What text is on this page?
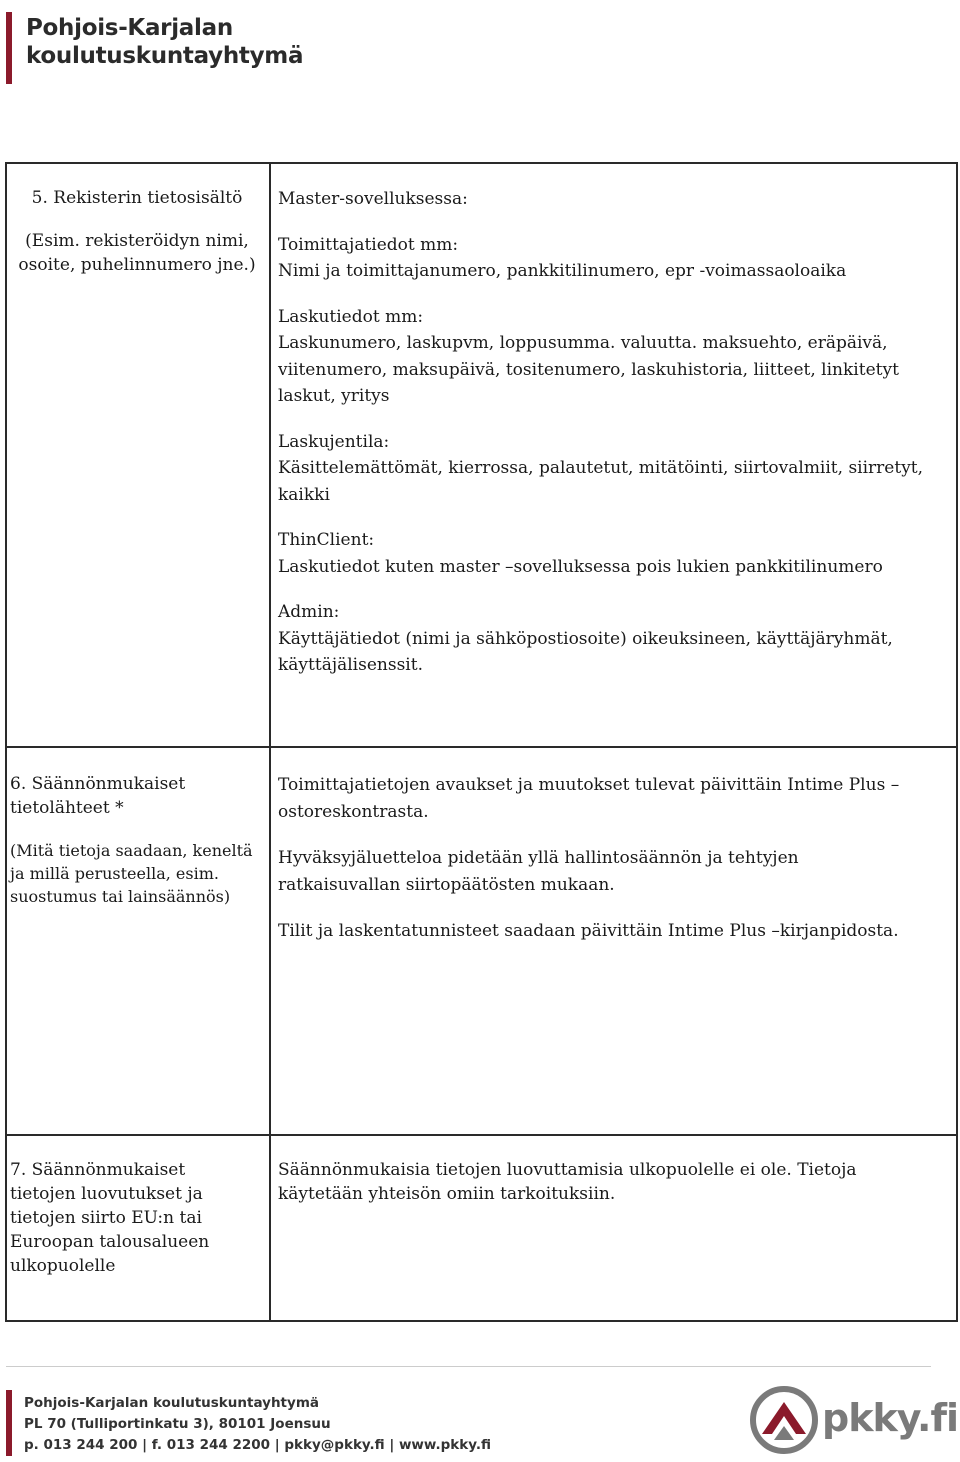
Pohjois-Karjalan
koulutuskuntayhtymä
5. Rekisterin tietosisältö
(Esim. rekisteröidyn nimi, osoite, puhelinnumero jne.)
Master-sovelluksessa:
Toimittajatiedot mm:
Nimi ja toimittajanumero, pankkitilinumero, epr -voimassaoloaika
Laskutiedot mm:
Laskunumero, laskupvm, loppusumma. valuutta. maksuehto, eräpäivä, viitenumero, maksupäivä, tositenumero, laskuhistoria, liitteet, linkitetyt laskut, yritys
Laskujentila:
Käsittelemättömät, kierrossa, palautetut, mitätöinti, siirtovalmiit, siirretyt, kaikki
ThinClient:
Laskutiedot kuten master –sovelluksessa pois lukien pankkitilinumero
Admin:
Käyttäjätiedot (nimi ja sähköpostiosoite) oikeuksineen, käyttäjäryhmät, käyttäjälisenssit.
6. Säännönmukaiset tietolähteet *
(Mitä tietoja saadaan, keneltä ja millä perusteella, esim. suostumus tai lainsäännös)
Toimittajatietojen avaukset ja muutokset tulevat päivittäin Intime Plus –ostoreskontrasta.
Hyväksyjäluetteloa pidetään yllä hallintosäännön ja tehtyjen ratkaisuvallan siirtopäätösten mukaan.
Tilit ja laskentatunnisteet saadaan päivittäin Intime Plus –kirjanpidosta.
7. Säännönmukaiset tietojen luovutukset ja tietojen siirto EU:n tai Euroopan talousalueen ulkopuolelle
Säännönmukaisia tietojen luovuttamisia ulkopuolelle ei ole. Tietoja käytetään yhteisön omiin tarkoituksiin.
Pohjois-Karjalan koulutuskuntayhtymä
PL 70 (Tulliportinkatu 3), 80101 Joensuu
p. 013 244 200 | f. 013 244 2200 | pkky@pkky.fi | www.pkky.fi
pkky.fi
